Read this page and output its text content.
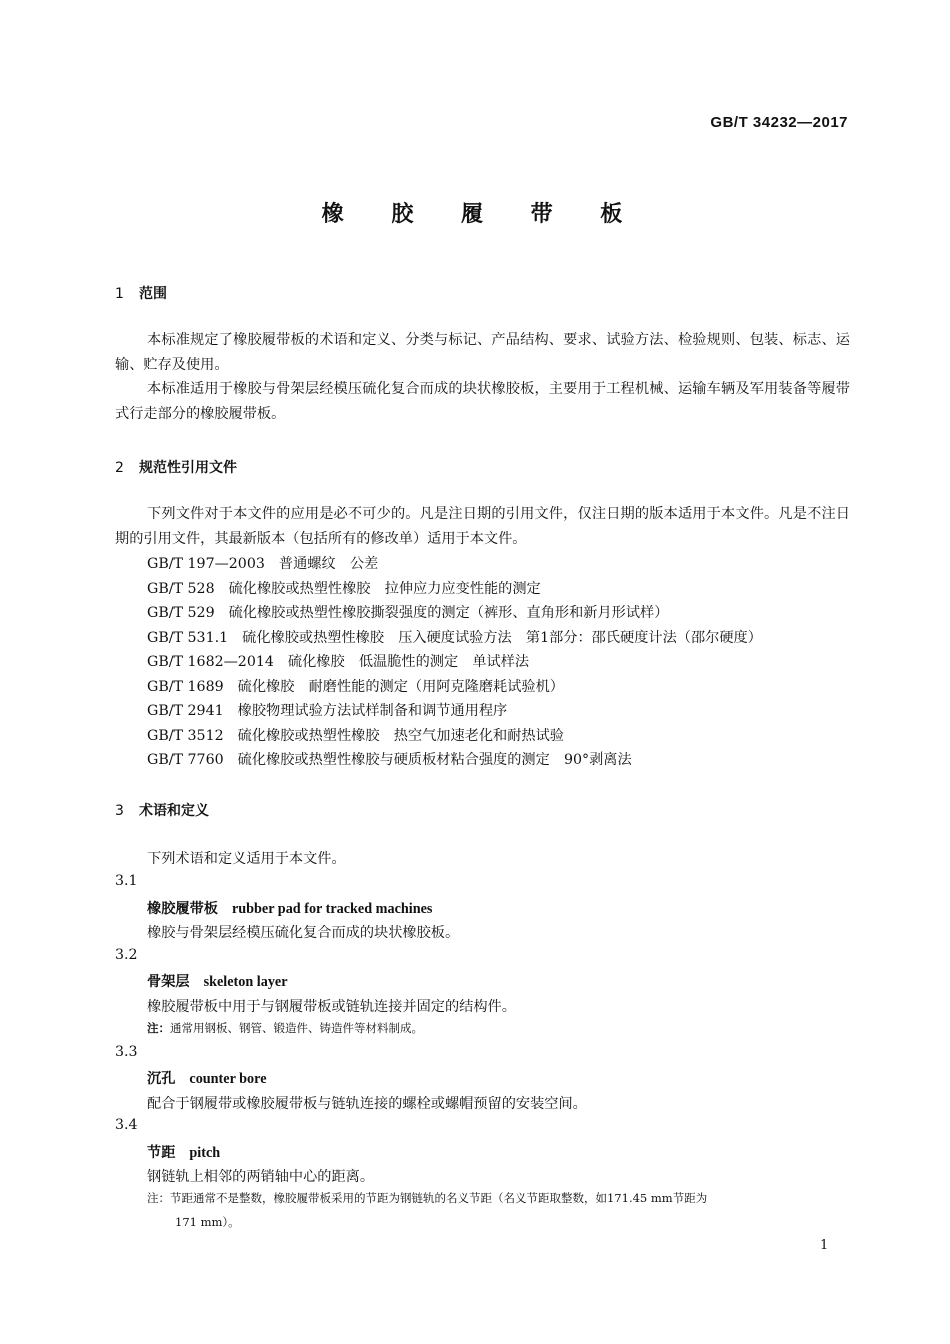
GB/T 34232—2017
橡 胶 履 带 板
1 范围

本标准规定了橡胶履带板的术语和定义、分类与标记、产品结构、要求、试验方法、检验规则、包装、标志、运输、贮存及使用。

本标准适用于橡胶与骨架层经模压硫化复合而成的块状橡胶板，主要用于工程机械、运输车辆及军用装备等履带式行走部分的橡胶履带板。

2 规范性引用文件

下列文件对于本文件的应用是必不可少的。凡是注日期的引用文件，仅注日期的版本适用于本文件。凡是不注日期的引用文件，其最新版本（包括所有的修改单）适用于本文件。

GB/T 197—2003 普通螺纹　公差
GB/T 528 硫化橡胶或热塑性橡胶　拉伸应力应变性能的测定
GB/T 529 硫化橡胶或热塑性橡胶撕裂强度的测定（裤形、直角形和新月形试样）
GB/T 531.1 硫化橡胶或热塑性橡胶　压入硬度试验方法　第1部分：邵氏硬度计法（邵尔硬度）
GB/T 1682—2014 硫化橡胶　低温脆性的测定　单试样法
GB/T 1689 硫化橡胶　耐磨性能的测定（用阿克隆磨耗试验机）
GB/T 2941 橡胶物理试验方法试样制备和调节通用程序
GB/T 3512 硫化橡胶或热塑性橡胶　热空气加速老化和耐热试验
GB/T 7760 硫化橡胶或热塑性橡胶与硬质板材粘合强度的测定　90°剥离法
3 术语和定义
下列术语和定义适用于本文件。
3.1
橡胶履带板 rubber pad for tracked machines
橡胶与骨架层经模压硫化复合而成的块状橡胶板。
3.2
骨架层 skeleton layer
橡胶履带板中用于与钢履带板或链轨连接并固定的结构件。

注：通常用钢板、钢管、锻造件、铸造件等材料制成。

3.3
沉孔 counter bore
配合于钢履带或橡胶履带板与链轨连接的螺栓或螺帽预留的安装空间。
3.4
节距 pitch
钢链轨上相邻的两销轴中心的距离。

注：节距通常不是整数，橡胶履带板采用的节距为钢链轨的名义节距（名义节距取整数，如171.45 mm节距为
171 mm）。

1
